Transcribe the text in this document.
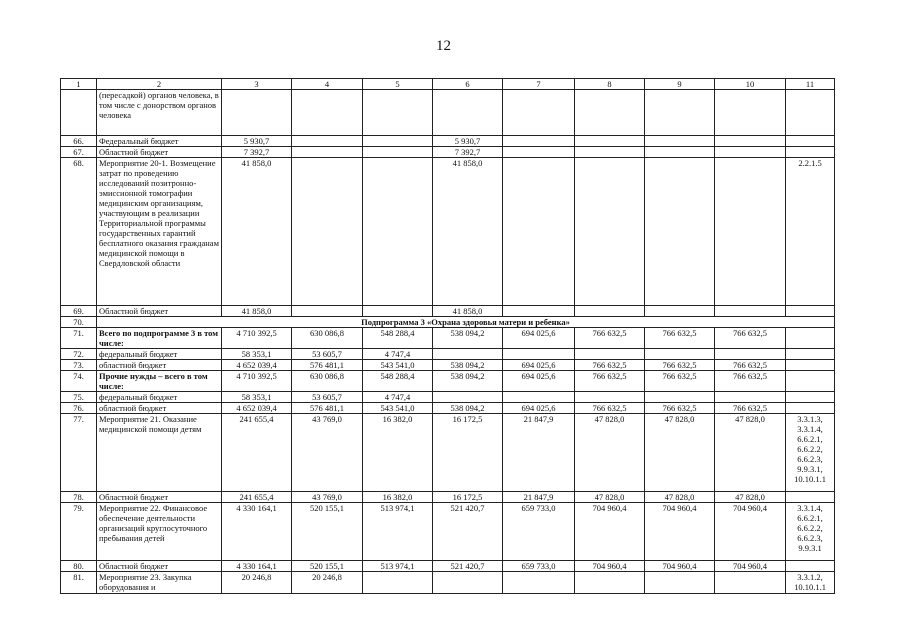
12
1	2	3	4	5	6	7	8	9	10	11
	(пересадкой) органов человека, в том числе с донорством органов человека									
66.	Федеральный бюджет	5 930,7			5 930,7					
67.	Областной бюджет	7 392,7			7 392,7					
68.	Мероприятие 20-1. Возмещение затрат по проведению исследований позитронно-эмиссионной томографии медицинским организациям, участвующим в реализации Территориальной программы государственных гарантий бесплатного оказания гражданам медицинской помощи в Свердловской области	41 858,0			41 858,0					2.2.1.5
69.	Областной бюджет	41 858,0			41 858,0					
70.	Подпрограмма 3 «Охрана здоровья матери и ребенка»									
71.	Всего по подпрограмме 3 в том числе:	4 710 392,5	630 086,8	548 288,4	538 094,2	694 025,6	766 632,5	766 632,5	766 632,5	
72.	федеральный бюджет	58 353,1	53 605,7	4 747,4						
73.	областной бюджет	4 652 039,4	576 481,1	543 541,0	538 094,2	694 025,6	766 632,5	766 632,5	766 632,5	
74.	Прочие нужды – всего в том числе:	4 710 392,5	630 086,8	548 288,4	538 094,2	694 025,6	766 632,5	766 632,5	766 632,5	
75.	федеральный бюджет	58 353,1	53 605,7	4 747,4						
76.	областной бюджет	4 652 039,4	576 481,1	543 541,0	538 094,2	694 025,6	766 632,5	766 632,5	766 632,5	
77.	Мероприятие 21. Оказание медицинской помощи детям	241 655,4	43 769,0	16 382,0	16 172,5	21 847,9	47 828,0	47 828,0	47 828,0	3.3.1.3, 3.3.1.4, 6.6.2.1, 6.6.2.2, 6.6.2.3, 9.9.3.1, 10.10.1.1
78.	Областной бюджет	241 655,4	43 769,0	16 382,0	16 172,5	21 847,9	47 828,0	47 828,0	47 828,0	
79.	Мероприятие 22. Финансовое обеспечение деятельности организаций круглосуточного пребывания детей	4 330 164,1	520 155,1	513 974,1	521 420,7	659 733,0	704 960,4	704 960,4	704 960,4	3.3.1.4, 6.6.2.1, 6.6.2.2, 6.6.2.3, 9.9.3.1
80.	Областной бюджет	4 330 164,1	520 155,1	513 974,1	521 420,7	659 733,0	704 960,4	704 960,4	704 960,4	
81.	Мероприятие 23. Закупка оборудования и	20 246,8	20 246,8							3.3.1.2, 10.10.1.1
